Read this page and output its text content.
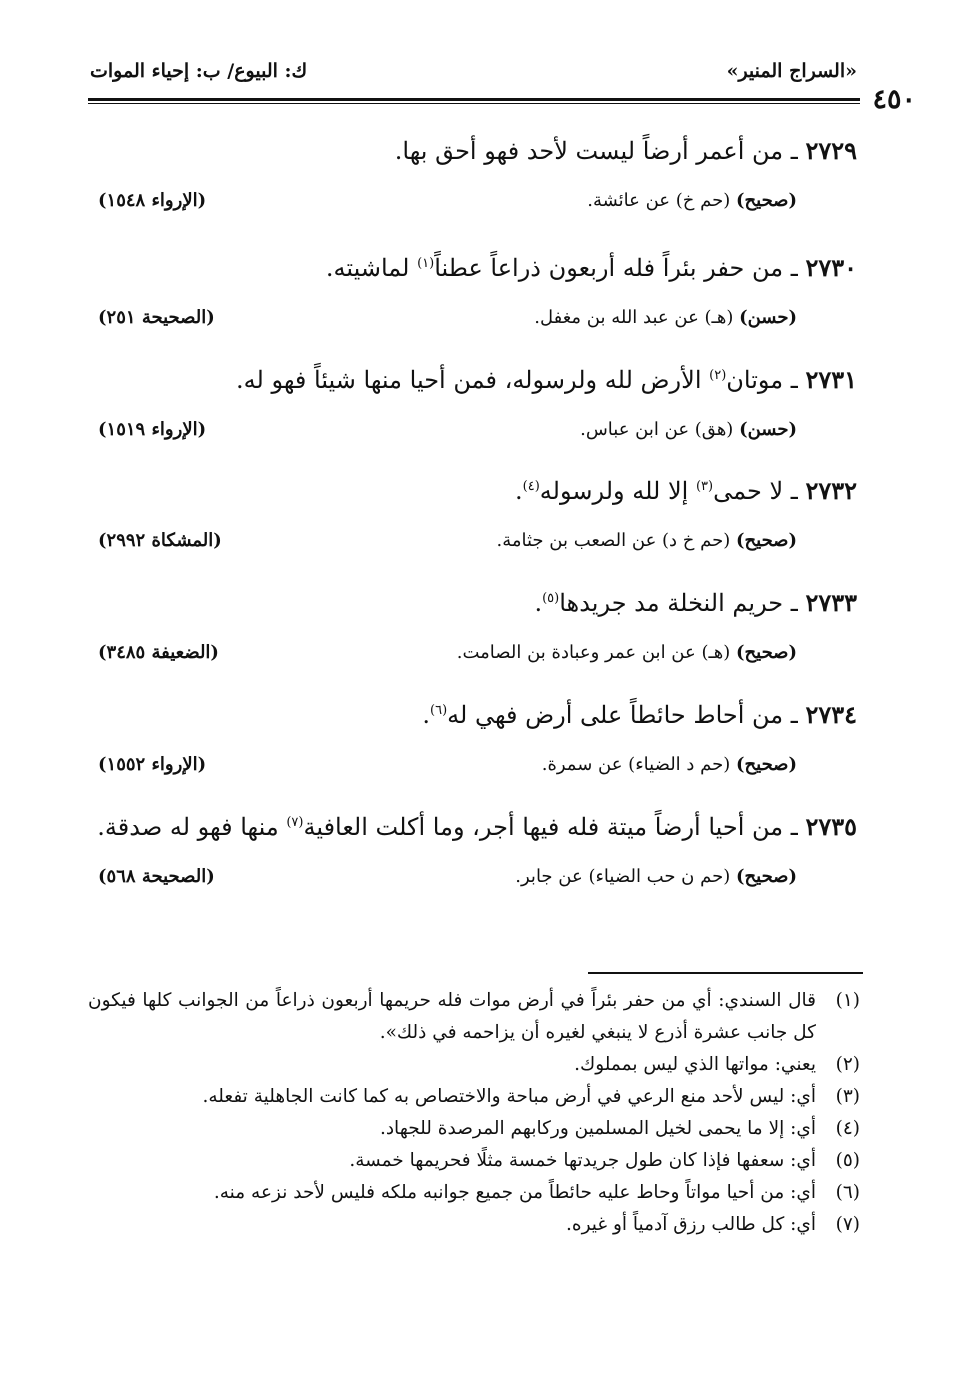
«السراج المنير»
ك: البيوع/ ب: إحياء الموات
٤٥٠
٢٧٢٩ ـ من أعمر أرضاً ليست لأحد فهو أحق بها.
(صحيح) (حم خ) عن عائشة.
(الإرواء ١٥٤٨)
٢٧٣٠ ـ من حفر بئراً فله أربعون ذراعاً عطناً$^{(١)}$ لماشيته.
(حسن) (هـ) عن عبد الله بن مغفل.
(الصحيحة ٢٥١)
٢٧٣١ ـ موتان$^{(٢)}$ الأرض لله ولرسوله، فمن أحيا منها شيئاً فهو له.
(حسن) (هق) عن ابن عباس.
(الإرواء ١٥١٩)
٢٧٣٢ ـ لا حمى$^{(٣)}$ إلا لله ولرسوله$^{(٤)}$.
(صحيح) (حم خ د) عن الصعب بن جثامة.
(المشكاة ٢٩٩٢)
٢٧٣٣ ـ حريم النخلة مد جريدها$^{(٥)}$.
(صحيح) (هـ) عن ابن عمر وعبادة بن الصامت.
(الضعيفة ٣٤٨٥)
٢٧٣٤ ـ من أحاط حائطاً على أرض فهي له$^{(٦)}$.
(صحيح) (حم د الضياء) عن سمرة.
(الإرواء ١٥٥٢)
٢٧٣٥ ـ من أحيا أرضاً ميتة فله فيها أجر، وما أكلت العافية$^{(٧)}$ منها فهو له صدقة.
(صحيح) (حم ن حب الضياء) عن جابر.
(الصحيحة ٥٦٨)
(١)
قال السندي: أي من حفر بئراً في أرض موات فله حريمها أربعون ذراعاً من الجوانب كلها فيكون كل جانب عشرة أذرع لا ينبغي لغيره أن يزاحمه في ذلك».
(٢)
يعني: مواتها الذي ليس بمملوك.
(٣)
أي: ليس لأحد منع الرعي في أرض مباحة والاختصاص به كما كانت الجاهلية تفعله.
(٤)
أي: إلا ما يحمى لخيل المسلمين وركابهم المرصدة للجهاد.
(٥)
أي: سعفها فإذا كان طول جريدتها خمسة مثلًا فحريمها خمسة.
(٦)
أي: من أحيا مواتاً وحاط عليه حائطاً من جميع جوانبه ملكه فليس لأحد نزعه منه.
(٧)
أي: كل طالب رزق آدمياً أو غيره.
